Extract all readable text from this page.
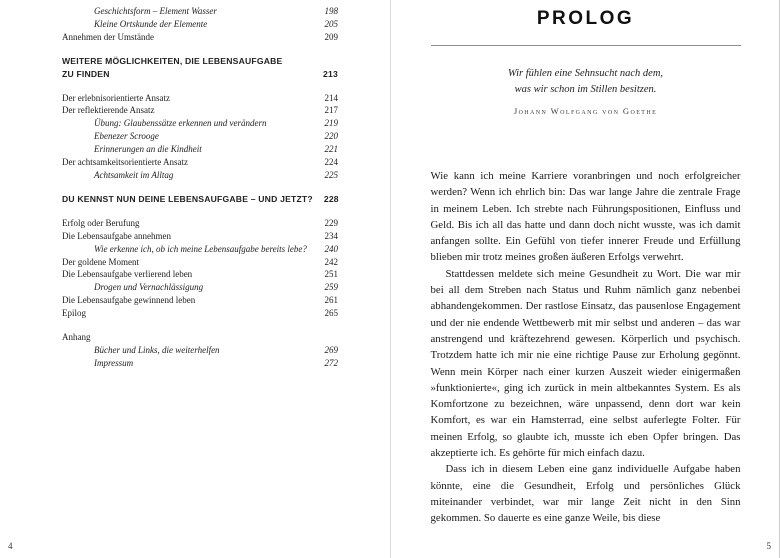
Geschichtsform – Element Wasser	198
Kleine Ortskunde der Elemente	205
Annehmen der Umstände	209
WEITERE MÖGLICHKEITEN, DIE LEBENSAUFGABE
ZU FINDEN	213
Der erlebnisorientierte Ansatz	214
Der reflektierende Ansatz	217
Übung: Glaubenssätze erkennen und verändern	219
Ebenezer Scrooge	220
Erinnerungen an die Kindheit	221
Der achtsamkeitsorientierte Ansatz	224
Achtsamkeit im Alltag	225
DU KENNST NUN DEINE LEBENSAUFGABE – UND JETZT?	228
Erfolg oder Berufung	229
Die Lebensaufgabe annehmen	234
Wie erkenne ich, ob ich meine Lebensaufgabe bereits lebe?	240
Der goldene Moment	242
Die Lebensaufgabe verlierend leben	251
Drogen und Vernachlässigung	259
Die Lebensaufgabe gewinnend leben	261
Epilog	265
Anhang
Bücher und Links, die weiterhelfen	269
Impressum	272
PROLOG
Wir fühlen eine Sehnsucht nach dem,
was wir schon im Stillen besitzen.
Johann Wolfgang von Goethe

Wie kann ich meine Karriere voranbringen und noch erfolgreicher werden? Wenn ich ehrlich bin: Das war lange Jahre die zentrale Frage in meinem Leben. Ich strebte nach Führungspositionen, Einfluss und Geld. Bis ich all das hatte und dann doch nicht wusste, was ich damit anfangen sollte. Ein Gefühl von tiefer innerer Freude und Erfüllung blieben mir trotz meines großen äußeren Erfolgs verwehrt.

Stattdessen meldete sich meine Gesundheit zu Wort. Die war mir bei all dem Streben nach Status und Ruhm nämlich ganz nebenbei abhandengekommen. Der rastlose Einsatz, das pausenlose Engagement und der nie endende Wettbewerb mit mir selbst und anderen – das war anstrengend und kräftezehrend gewesen. Körperlich und psychisch. Trotzdem hatte ich mir nie eine richtige Pause zur Erholung gegönnt. Wenn mein Körper nach einer kurzen Auszeit wieder einigermaßen »funktionierte«, ging ich zurück in mein altbekanntes System. Es als Komfortzone zu bezeichnen, wäre unpassend, denn dort war kein Komfort, es war ein Hamsterrad, eine selbst auferlegte Folter. Für meinen Erfolg, so glaubte ich, musste ich eben Opfer bringen. Das akzeptierte ich. Es gehörte für mich einfach dazu.

Dass ich in diesem Leben eine ganz individuelle Aufgabe haben könnte, eine die Gesundheit, Erfolg und persönliches Glück miteinander verbindet, war mir lange Zeit nicht in den Sinn gekommen. So dauerte es eine ganze Weile, bis diese

4	5
